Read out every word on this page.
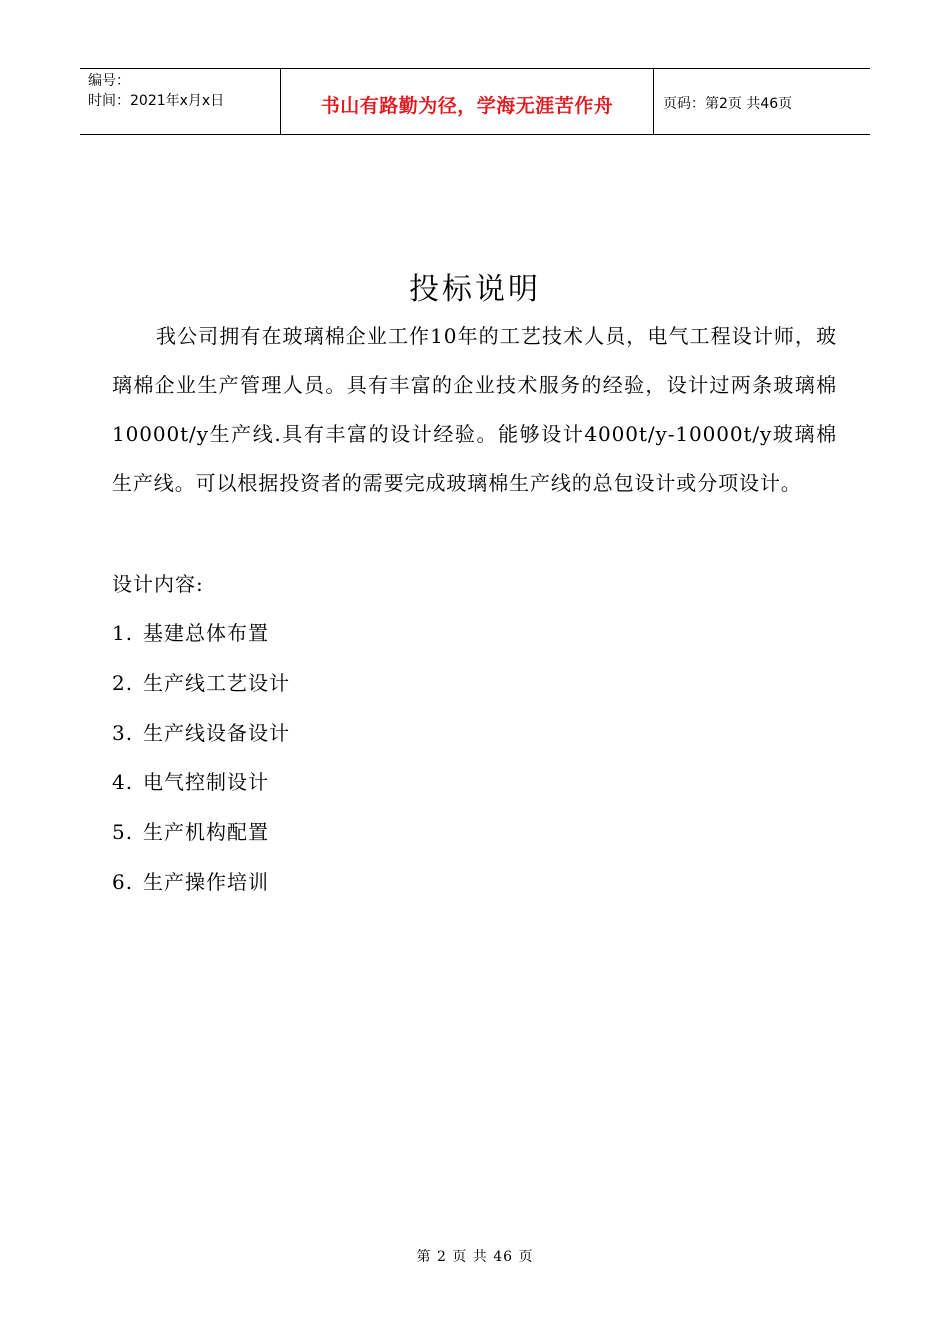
编号：
时间：2021年x月x日	书山有路勤为径，学海无涯苦作舟	页码：第2页 共46页
投标说明

我公司拥有在玻璃棉企业工作10年的工艺技术人员，电气工程设计师，玻璃棉企业生产管理人员。具有丰富的企业技术服务的经验，设计过两条玻璃棉10000t/y生产线.具有丰富的设计经验。能够设计4000t/y-10000t/y玻璃棉生产线。可以根据投资者的需要完成玻璃棉生产线的总包设计或分项设计。

设计内容:
1. 基建总体布置
2. 生产线工艺设计
3. 生产线设备设计
4. 电气控制设计
5. 生产机构配置
6. 生产操作培训
第 2 页 共 46 页
